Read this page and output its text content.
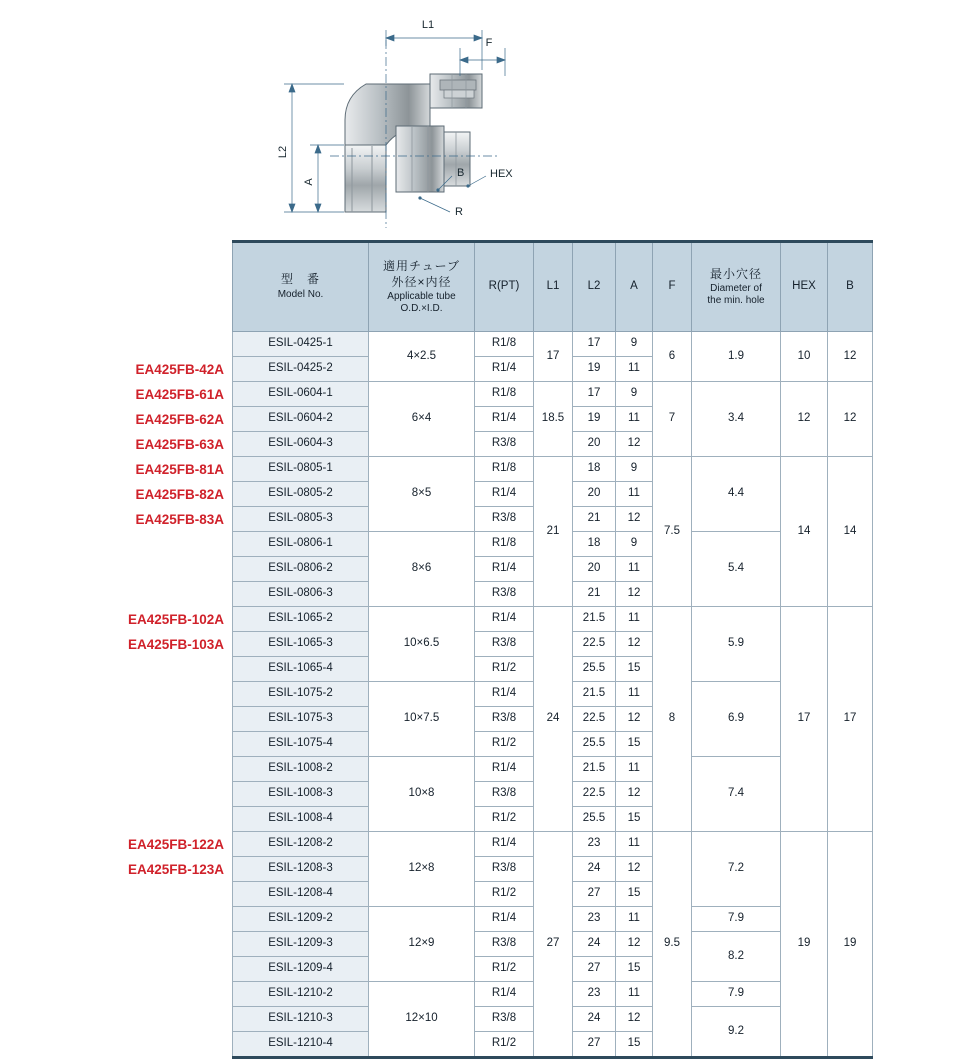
L1
F
L2
A
B HEX
R
EA425FB-42A
EA425FB-61A
EA425FB-62A
EA425FB-63A
EA425FB-81A
EA425FB-82A
EA425FB-83A
EA425FB-102A
EA425FB-103A
EA425FB-122A
EA425FB-123A
型　番
Model No.	適用チューブ
外径×内径
Applicable tube
O.D.×I.D.	R(PT)	L1	L2	A	F	最小穴径
Diameter of
the min. hole	HEX	B
ESIL-0425-1	4×2.5	R1/8	17	17	9	6	1.9	10	12
ESIL-0425-2		R1/4		19	11				
ESIL-0604-1	6×4	R1/8	18.5	17	9	7	3.4	12	12
ESIL-0604-2		R1/4		19	11				
ESIL-0604-3		R3/8		20	12				
ESIL-0805-1	8×5	R1/8	21	18	9	7.5	4.4	14	14
ESIL-0805-2		R1/4		20	11				
ESIL-0805-3		R3/8		21	12				
ESIL-0806-1	8×6	R1/8		18	9		5.4		
ESIL-0806-2		R1/4		20	11				
ESIL-0806-3		R3/8		21	12				
ESIL-1065-2	10×6.5	R1/4	24	21.5	11	8	5.9	17	17
ESIL-1065-3		R3/8		22.5	12				
ESIL-1065-4		R1/2		25.5	15				
ESIL-1075-2	10×7.5	R1/4		21.5	11		6.9		
ESIL-1075-3		R3/8		22.5	12				
ESIL-1075-4		R1/2		25.5	15				
ESIL-1008-2	10×8	R1/4		21.5	11		7.4		
ESIL-1008-3		R3/8		22.5	12				
ESIL-1008-4		R1/2		25.5	15				
ESIL-1208-2	12×8	R1/4	27	23	11	9.5	7.2	19	19
ESIL-1208-3		R3/8		24	12				
ESIL-1208-4		R1/2		27	15				
ESIL-1209-2	12×9	R1/4		23	11		7.9		
ESIL-1209-3		R3/8		24	12		8.2		
ESIL-1209-4		R1/2		27	15				
ESIL-1210-2	12×10	R1/4		23	11		7.9		
ESIL-1210-3		R3/8		24	12		9.2		
ESIL-1210-4		R1/2		27	15				
